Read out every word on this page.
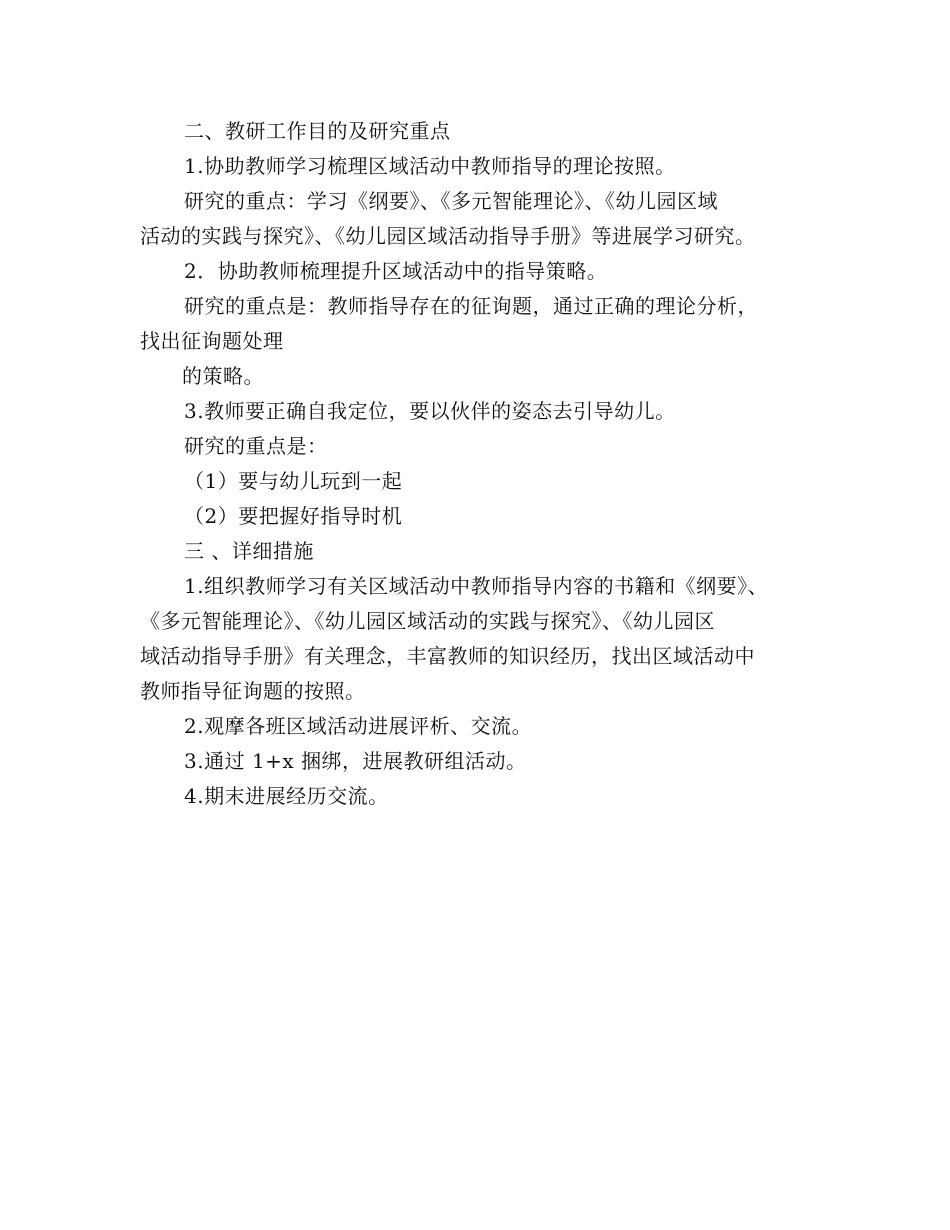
二、教研工作目的及研究重点
1.协助教师学习梳理区域活动中教师指导的理论按照。
研究的重点：学习《纲要》、《多元智能理论》、《幼儿园区域
活动的实践与探究》、《幼儿园区域活动指导手册》等进展学习研究。
2．协助教师梳理提升区域活动中的指导策略。
研究的重点是：教师指导存在的征询题，通过正确的理论分析，
找出征询题处理
的策略。
3.教师要正确自我定位，要以伙伴的姿态去引导幼儿。
研究的重点是：
（1）要与幼儿玩到一起
（2）要把握好指导时机
三 、详细措施
1.组织教师学习有关区域活动中教师指导内容的书籍和《纲要》、
《多元智能理论》、《幼儿园区域活动的实践与探究》、《幼儿园区
域活动指导手册》有关理念，丰富教师的知识经历，找出区域活动中
教师指导征询题的按照。
2.观摩各班区域活动进展评析、交流。
3.通过 1+x 捆绑，进展教研组活动。
4.期末进展经历交流。
